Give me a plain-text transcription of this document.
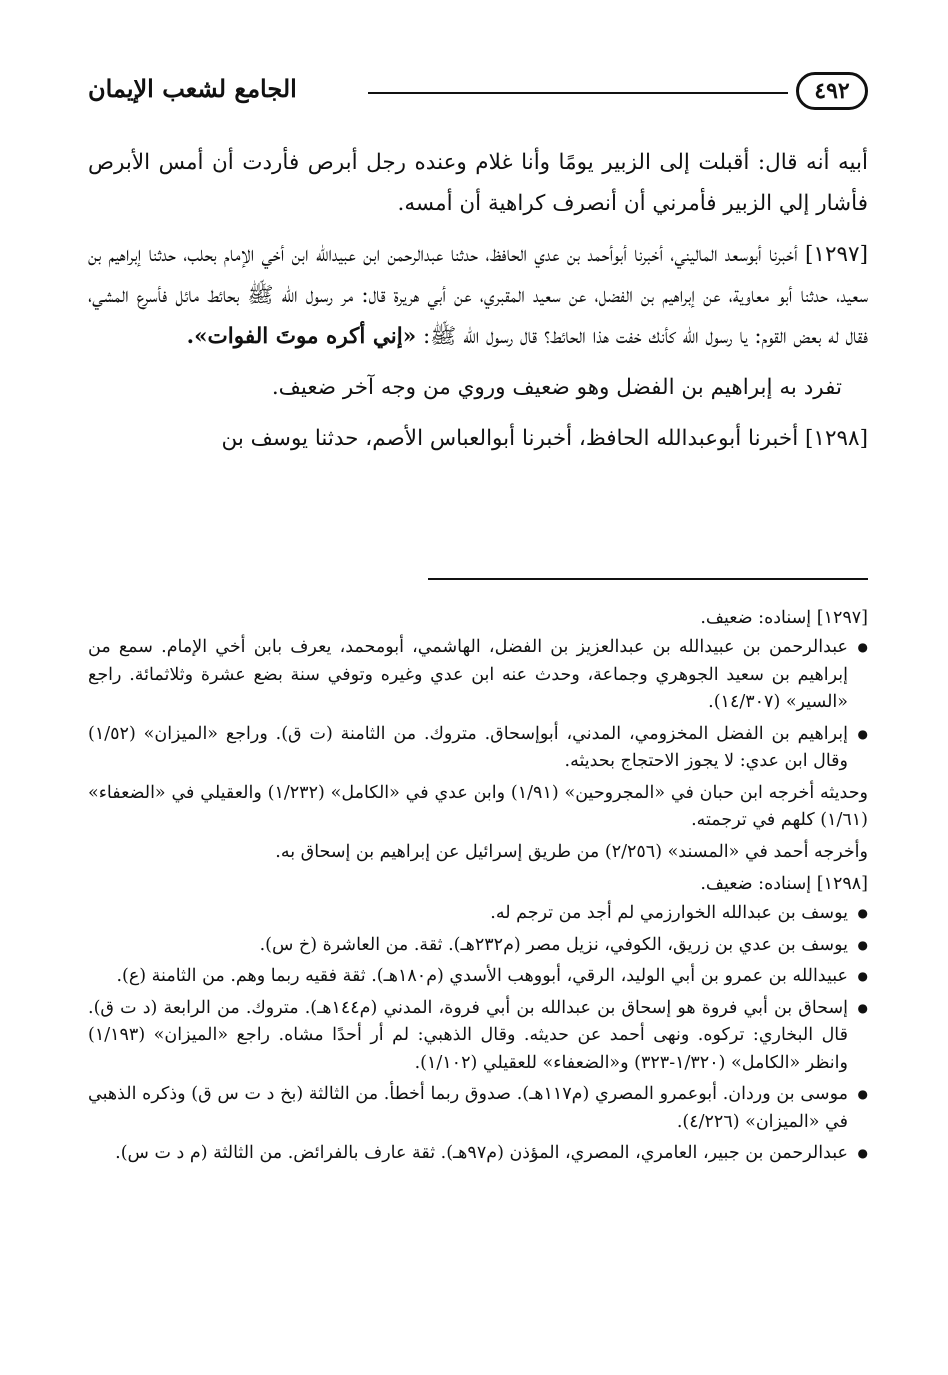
٤٩٢
الجامع لشعب الإيمان

أبيه أنه قال: أقبلت إلى الزبير يومًا وأنا غلام وعنده رجل أبرص فأردت أن أمس الأبرص فأشار إلي الزبير فأمرني أن أنصرف كراهية أن أمسه.

[١٢٩٧] أخبرنا أبوسعد الماليني، أخبرنا أبوأحمد بن عدي الحافظ، حدثنا عبدالرحمن ابن عبيدالله ابن أخي الإمام بحلب، حدثنا إبراهيم بن سعيد، حدثنا أبو معاوية، عن إبراهيم بن الفضل، عن سعيد المقبري، عن أبي هريرة قال: مر رسول الله ﷺ بحائط مائل فأسرع المشي، فقال له بعض القوم: يا رسول الله كأنك خفت هذا الحائط؟ قال رسول الله ﷺ: «إني أكره موتَ الفوات».

تفرد به إبراهيم بن الفضل وهو ضعيف وروي من وجه آخر ضعيف.

[١٢٩٨] أخبرنا أبوعبدالله الحافظ، أخبرنا أبوالعباس الأصم، حدثنا يوسف بن

[١٢٩٧] إسناده: ضعيف.
● عبدالرحمن بن عبيدالله بن عبدالعزيز بن الفضل، الهاشمي، أبومحمد، يعرف بابن أخي الإمام. سمع من إبراهيم بن سعيد الجوهري وجماعة، وحدث عنه ابن عدي وغيره وتوفي سنة بضع عشرة وثلاثمائة. راجع «السير» (١٤/٣٠٧).
● إبراهيم بن الفضل المخزومي، المدني، أبوإسحاق. متروك. من الثامنة (ت ق). وراجع «الميزان» (١/٥٢) وقال ابن عدي: لا يجوز الاحتجاج بحديثه.

وحديثه أخرجه ابن حبان في «المجروحين» (١/٩١) وابن عدي في «الكامل» (١/٢٣٢) والعقيلي في «الضعفاء» (١/٦١) كلهم في ترجمته.

وأخرجه أحمد في «المسند» (٢/٢٥٦) من طريق إسرائيل عن إبراهيم بن إسحاق به.

[١٢٩٨] إسناده: ضعيف.
● يوسف بن عبدالله الخوارزمي لم أجد من ترجم له.
● يوسف بن عدي بن زريق، الكوفي، نزيل مصر (م٢٣٢هـ). ثقة. من العاشرة (خ س).
● عبيدالله بن عمرو بن أبي الوليد، الرقي، أبووهب الأسدي (م١٨٠هـ). ثقة فقيه ربما وهم. من الثامنة (ع).
● إسحاق بن أبي فروة هو إسحاق بن عبدالله بن أبي فروة، المدني (م١٤٤هـ). متروك. من الرابعة (د ت ق). قال البخاري: تركوه. ونهى أحمد عن حديثه. وقال الذهبي: لم أر أحدًا مشاه. راجع «الميزان» (١/١٩٣) وانظر «الكامل» (١/٣٢٠-٣٢٣) و«الضعفاء» للعقيلي (١/١٠٢).
● موسى بن وردان. أبوعمرو المصري (م١١٧هـ). صدوق ربما أخطأ. من الثالثة (بخ د ت س ق) وذكره الذهبي في «الميزان» (٤/٢٢٦).
● عبدالرحمن بن جبير، العامري، المصري، المؤذن (م٩٧هـ). ثقة عارف بالفرائض. من الثالثة (م د ت س).
